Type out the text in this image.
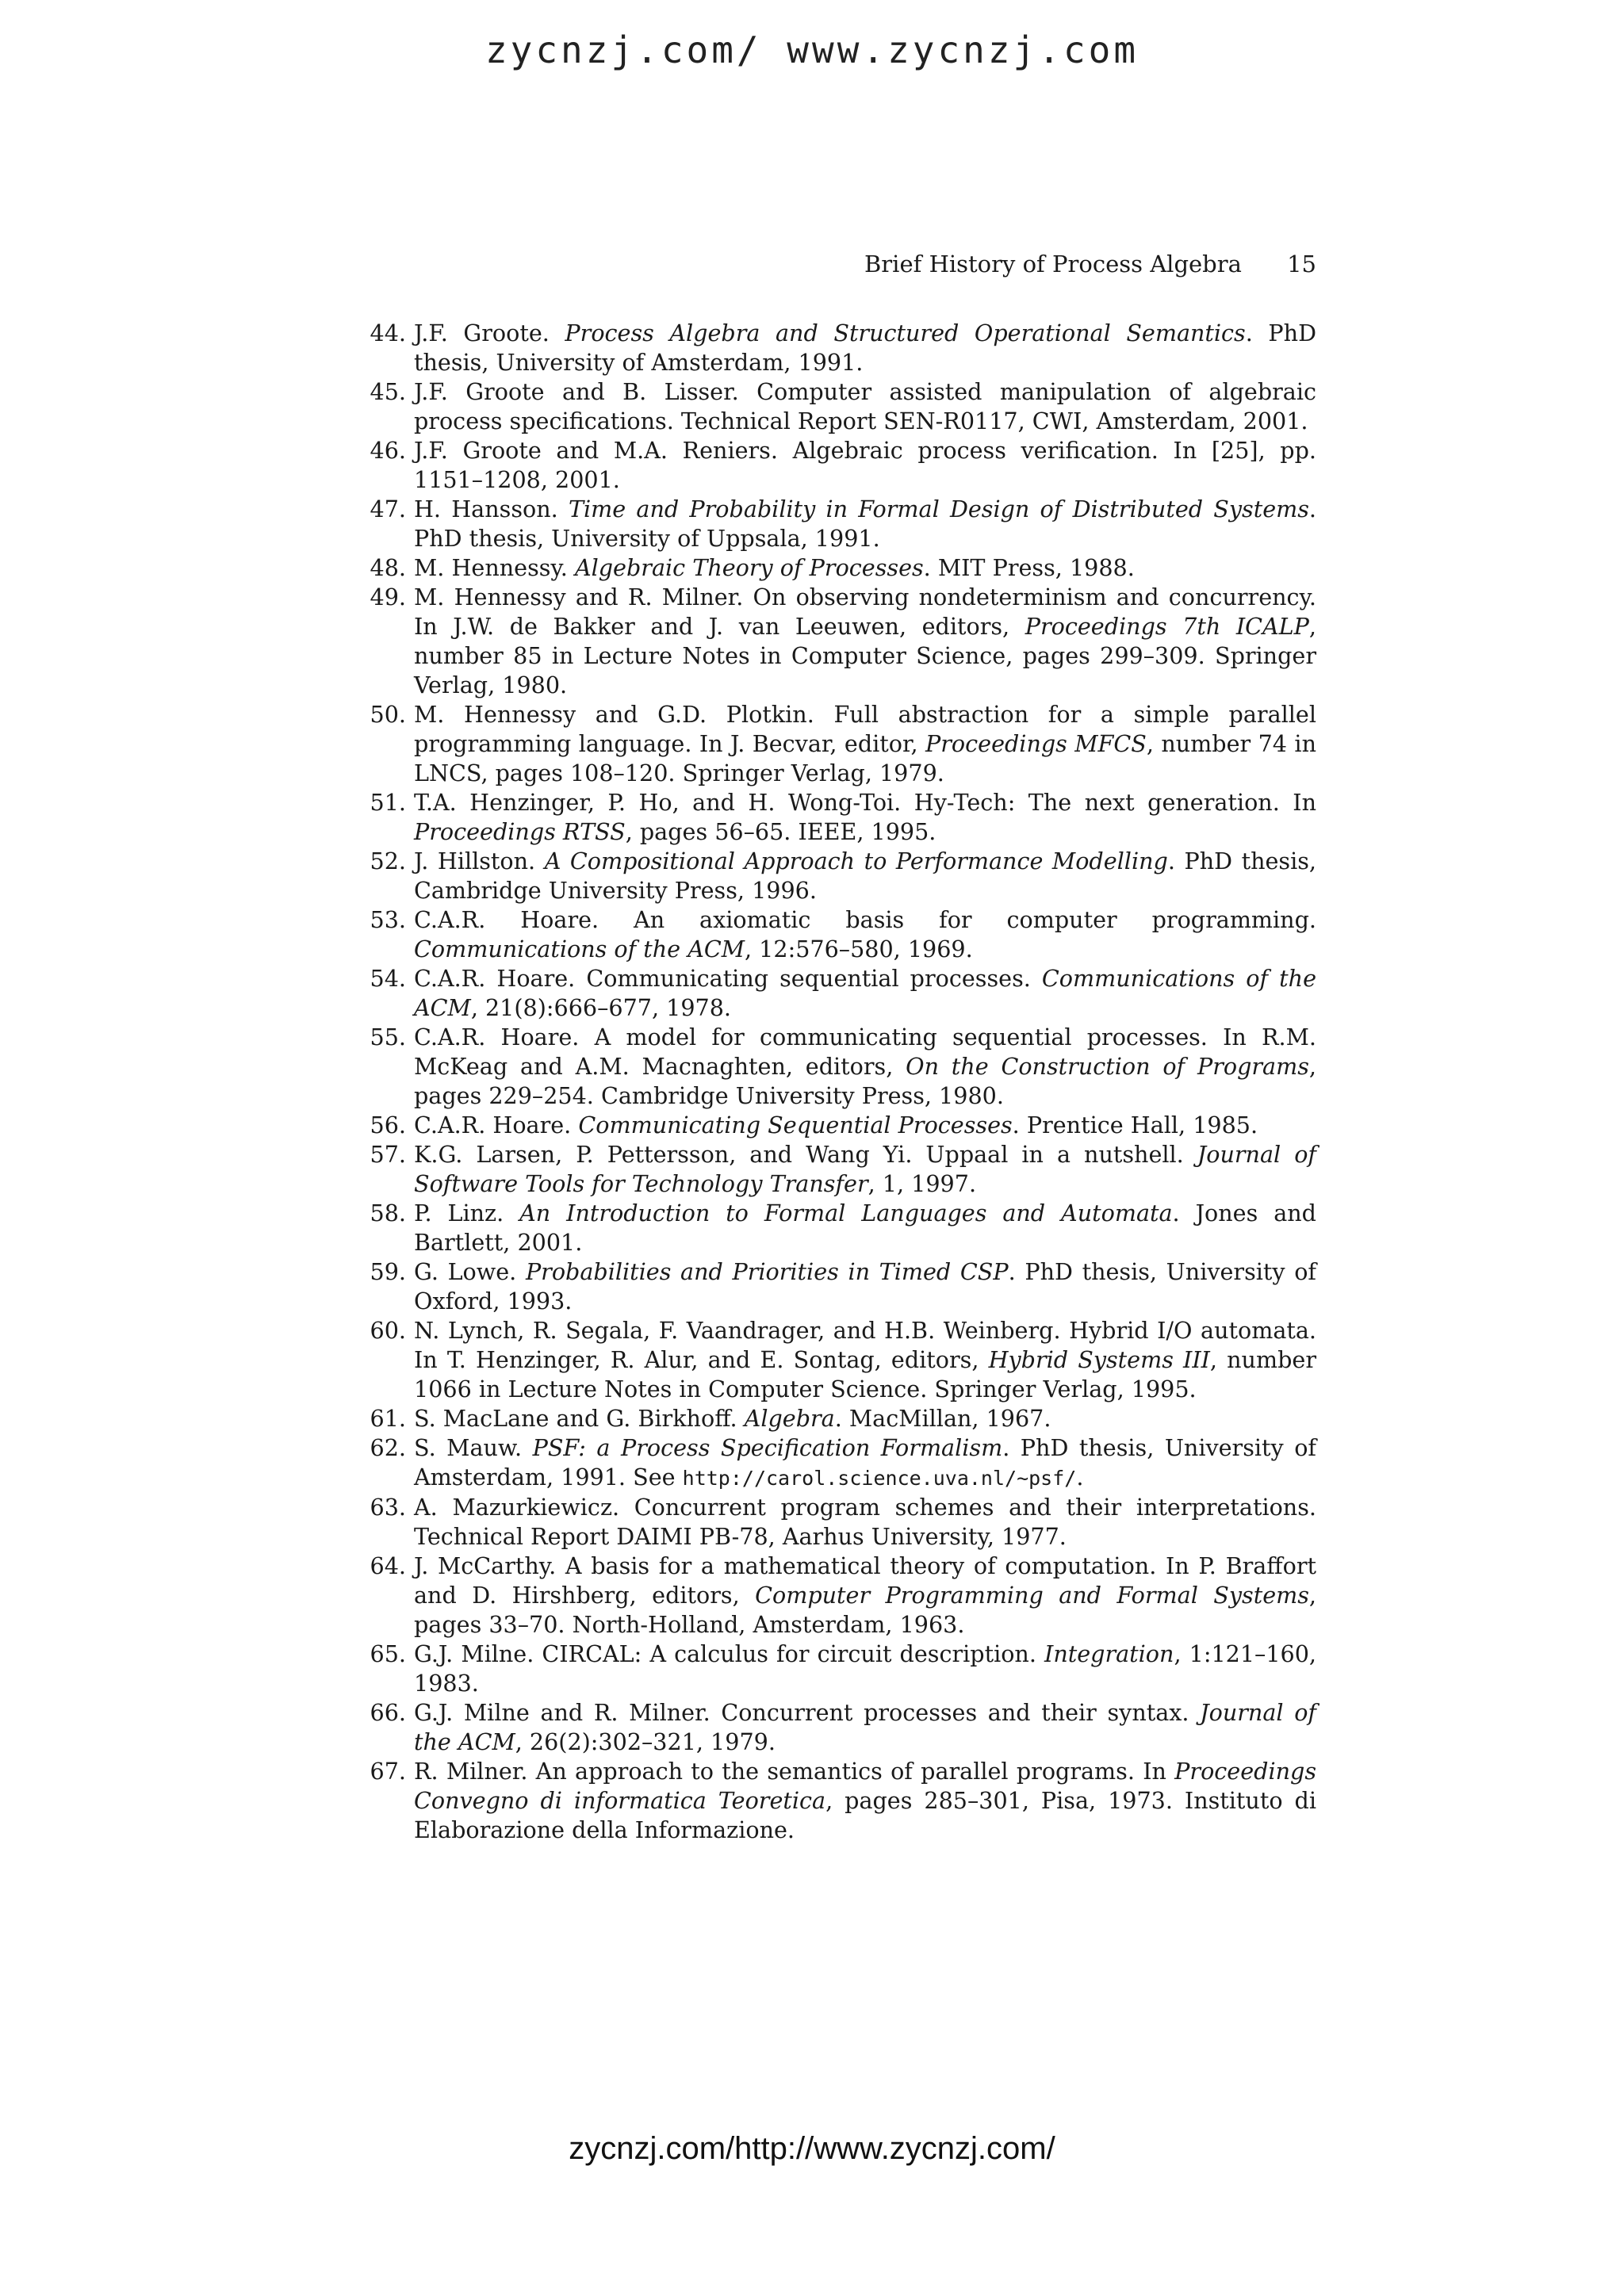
zycnzj.com/ www.zycnzj.com
Brief History of Process Algebra 15
44. J.F. Groote. Process Algebra and Structured Operational Semantics. PhD thesis, University of Amsterdam, 1991.
45. J.F. Groote and B. Lisser. Computer assisted manipulation of algebraic process specifications. Technical Report SEN-R0117, CWI, Amsterdam, 2001.
46. J.F. Groote and M.A. Reniers. Algebraic process verification. In [25], pp. 1151–1208, 2001.
47. H. Hansson. Time and Probability in Formal Design of Distributed Systems. PhD thesis, University of Uppsala, 1991.
48. M. Hennessy. Algebraic Theory of Processes. MIT Press, 1988.
49. M. Hennessy and R. Milner. On observing nondeterminism and concurrency. In J.W. de Bakker and J. van Leeuwen, editors, Proceedings 7th ICALP, number 85 in Lecture Notes in Computer Science, pages 299–309. Springer Verlag, 1980.
50. M. Hennessy and G.D. Plotkin. Full abstraction for a simple parallel programming language. In J. Becvar, editor, Proceedings MFCS, number 74 in LNCS, pages 108–120. Springer Verlag, 1979.
51. T.A. Henzinger, P. Ho, and H. Wong-Toi. Hy-Tech: The next generation. In Proceedings RTSS, pages 56–65. IEEE, 1995.
52. J. Hillston. A Compositional Approach to Performance Modelling. PhD thesis, Cambridge University Press, 1996.
53. C.A.R. Hoare. An axiomatic basis for computer programming. Communications of the ACM, 12:576–580, 1969.
54. C.A.R. Hoare. Communicating sequential processes. Communications of the ACM, 21(8):666–677, 1978.
55. C.A.R. Hoare. A model for communicating sequential processes. In R.M. McKeag and A.M. Macnaghten, editors, On the Construction of Programs, pages 229–254. Cambridge University Press, 1980.
56. C.A.R. Hoare. Communicating Sequential Processes. Prentice Hall, 1985.
57. K.G. Larsen, P. Pettersson, and Wang Yi. Uppaal in a nutshell. Journal of Software Tools for Technology Transfer, 1, 1997.
58. P. Linz. An Introduction to Formal Languages and Automata. Jones and Bartlett, 2001.
59. G. Lowe. Probabilities and Priorities in Timed CSP. PhD thesis, University of Oxford, 1993.
60. N. Lynch, R. Segala, F. Vaandrager, and H.B. Weinberg. Hybrid I/O automata. In T. Henzinger, R. Alur, and E. Sontag, editors, Hybrid Systems III, number 1066 in Lecture Notes in Computer Science. Springer Verlag, 1995.
61. S. MacLane and G. Birkhoff. Algebra. MacMillan, 1967.
62. S. Mauw. PSF: a Process Specification Formalism. PhD thesis, University of Amsterdam, 1991. See http://carol.science.uva.nl/~psf/.
63. A. Mazurkiewicz. Concurrent program schemes and their interpretations. Technical Report DAIMI PB-78, Aarhus University, 1977.
64. J. McCarthy. A basis for a mathematical theory of computation. In P. Braffort and D. Hirshberg, editors, Computer Programming and Formal Systems, pages 33–70. North-Holland, Amsterdam, 1963.
65. G.J. Milne. CIRCAL: A calculus for circuit description. Integration, 1:121–160, 1983.
66. G.J. Milne and R. Milner. Concurrent processes and their syntax. Journal of the ACM, 26(2):302–321, 1979.
67. R. Milner. An approach to the semantics of parallel programs. In Proceedings Convegno di informatica Teoretica, pages 285–301, Pisa, 1973. Instituto di Elaborazione della Informazione.
zycnzj.com/http://www.zycnzj.com/
